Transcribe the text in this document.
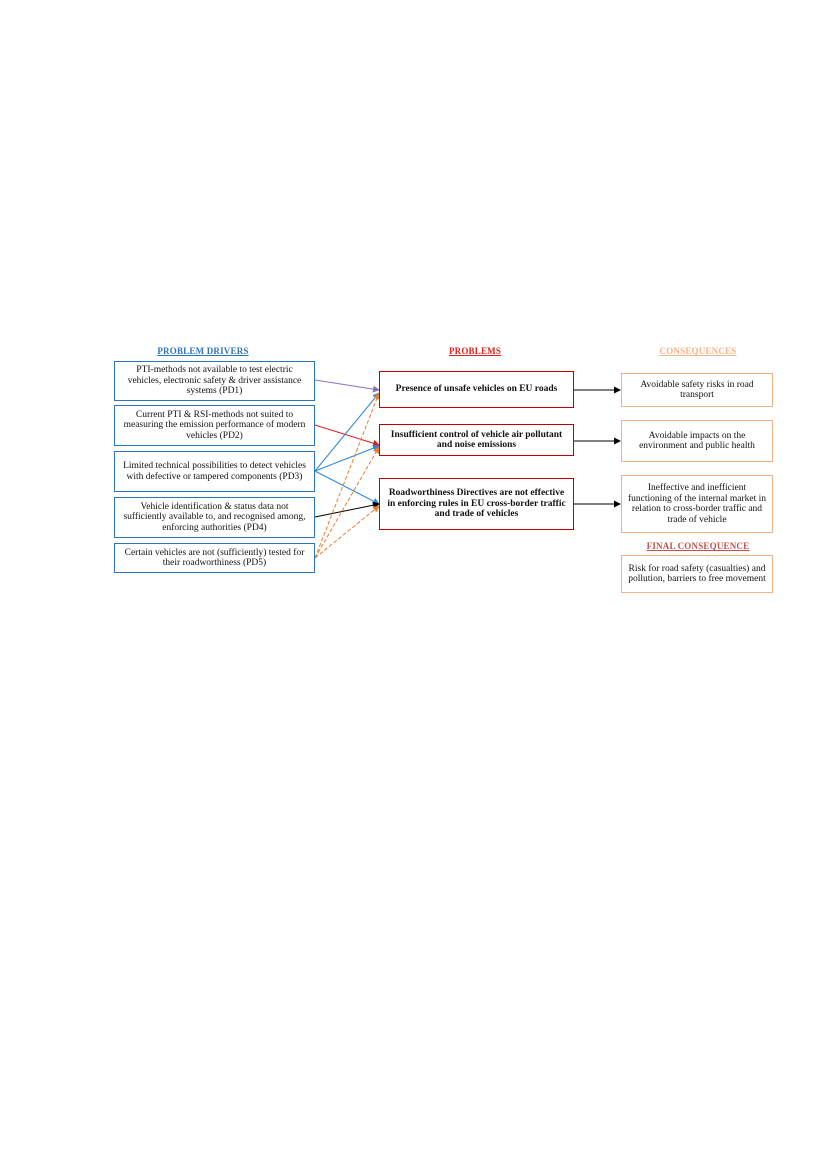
PROBLEM DRIVERS	PROBLEMS	CONSEQUENCES
PTI-methods not available to test electric vehicles, electronic safety & driver assistance systems (PD1)
Current PTI & RSI-methods not suited to measuring the emission performance of modern vehicles (PD2)
Limited technical possibilities to detect vehicles with defective or tampered components (PD3)
Vehicle identification & status data not sufficiently available to, and recognised among, enforcing authorities (PD4)
Certain vehicles are not (sufficiently) tested for their roadworthiness (PD5)
Presence of unsafe vehicles on EU roads
Insufficient control of vehicle air pollutant and noise emissions
Roadworthiness Directives are not effective in enforcing rules in EU cross-border traffic and trade of vehicles
Avoidable safety risks in road transport
Avoidable impacts on the environment and public health
Ineffective and inefficient functioning of the internal market in relation to cross-border traffic and trade of vehicle
FINAL CONSEQUENCE
Risk for road safety (casualties) and pollution, barriers to free movement
